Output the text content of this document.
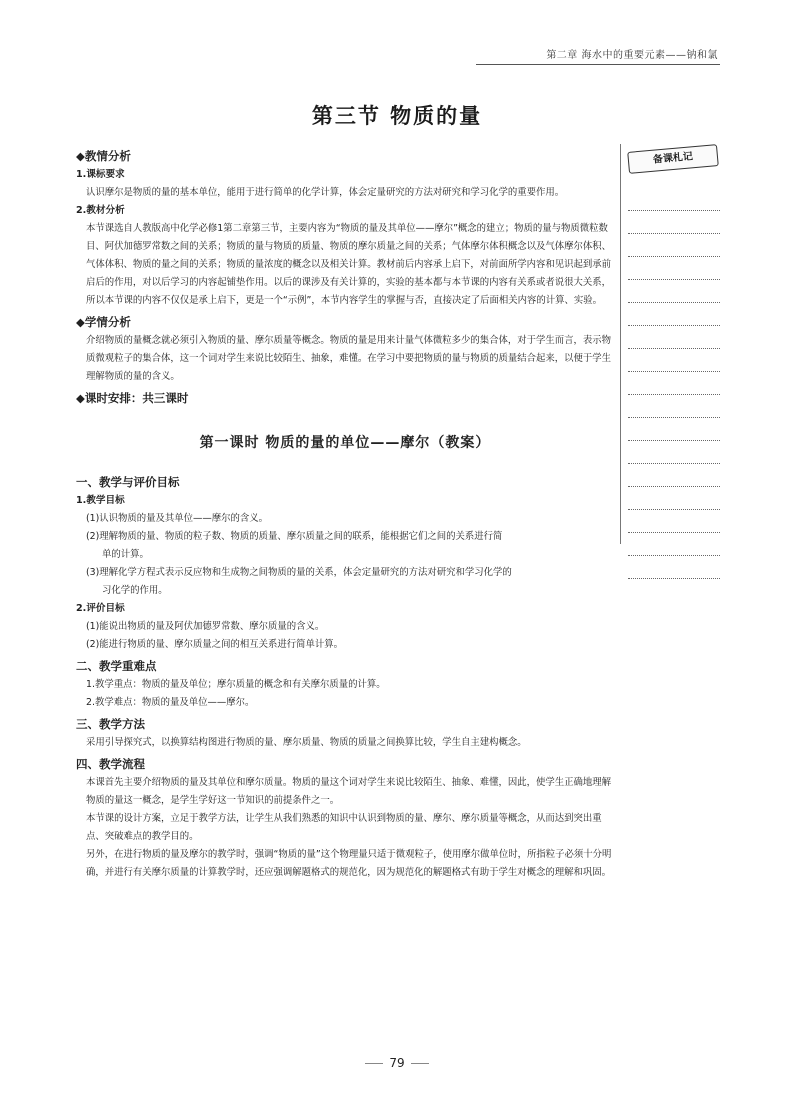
第二章 海水中的重要元素——钠和氯
第三节 物质的量
备课札记
◆教情分析
1.课标要求
认识摩尔是物质的量的基本单位，能用于进行简单的化学计算，体会定量研究的方法对研究和学习化学的重要作用。
2.教材分析
本节课选自人教版高中化学必修1第二章第三节，主要内容为“物质的量及其单位——摩尔”概念的建立；物质的量与物质微粒数目、阿伏加德罗常数之间的关系；物质的量与物质的质量、物质的摩尔质量之间的关系；气体摩尔体积概念以及气体摩尔体积、气体体积、物质的量之间的关系；物质的量浓度的概念以及相关计算。教材前后内容承上启下，对前面所学内容和见识起到承前启后的作用，对以后学习的内容起铺垫作用。以后的课涉及有关计算的，实验的基本都与本节课的内容有关系或者说很大关系，所以本节课的内容不仅仅是承上启下，更是一个“示例”，本节内容学生的掌握与否，直接决定了后面相关内容的计算、实验。
◆学情分析
介绍物质的量概念就必须引入物质的量、摩尔质量等概念。物质的量是用来计量气体微粒多少的集合体，对于学生而言，表示物质微观粒子的集合体，这一个词对学生来说比较陌生、抽象，难懂。在学习中要把物质的量与物质的质量结合起来，以便于学生理解物质的量的含义。
◆课时安排：共三课时
第一课时 物质的量的单位——摩尔（教案）
一、教学与评价目标
1.教学目标
(1)认识物质的量及其单位——摩尔的含义。
(2)理解物质的量、物质的粒子数、物质的质量、摩尔质量之间的联系，能根据它们之间的关系进行简
单的计算。
(3)理解化学方程式表示反应物和生成物之间物质的量的关系，体会定量研究的方法对研究和学习化学的
习化学的作用。
2.评价目标
(1)能说出物质的量及阿伏加德罗常数、摩尔质量的含义。
(2)能进行物质的量、摩尔质量之间的相互关系进行简单计算。
二、教学重难点
1.教学重点：物质的量及单位；摩尔质量的概念和有关摩尔质量的计算。
2.教学难点：物质的量及单位——摩尔。
三、教学方法
采用引导探究式，以换算结构图进行物质的量、摩尔质量、物质的质量之间换算比较，学生自主建构概念。
四、教学流程
本课首先主要介绍物质的量及其单位和摩尔质量。物质的量这个词对学生来说比较陌生、抽象、难懂，因此，使学生正确地理解物质的量这一概念，是学生学好这一节知识的前提条件之一。
本节课的设计方案，立足于教学方法，让学生从我们熟悉的知识中认识到物质的量、摩尔、摩尔质量等概念，从而达到突出重点、突破难点的教学目的。
另外，在进行物质的量及摩尔的教学时，强调“物质的量”这个物理量只适于微观粒子，使用摩尔做单位时，所指粒子必须十分明确，并进行有关摩尔质量的计算教学时，还应强调解题格式的规范化，因为规范化的解题格式有助于学生对概念的理解和巩固。
79
